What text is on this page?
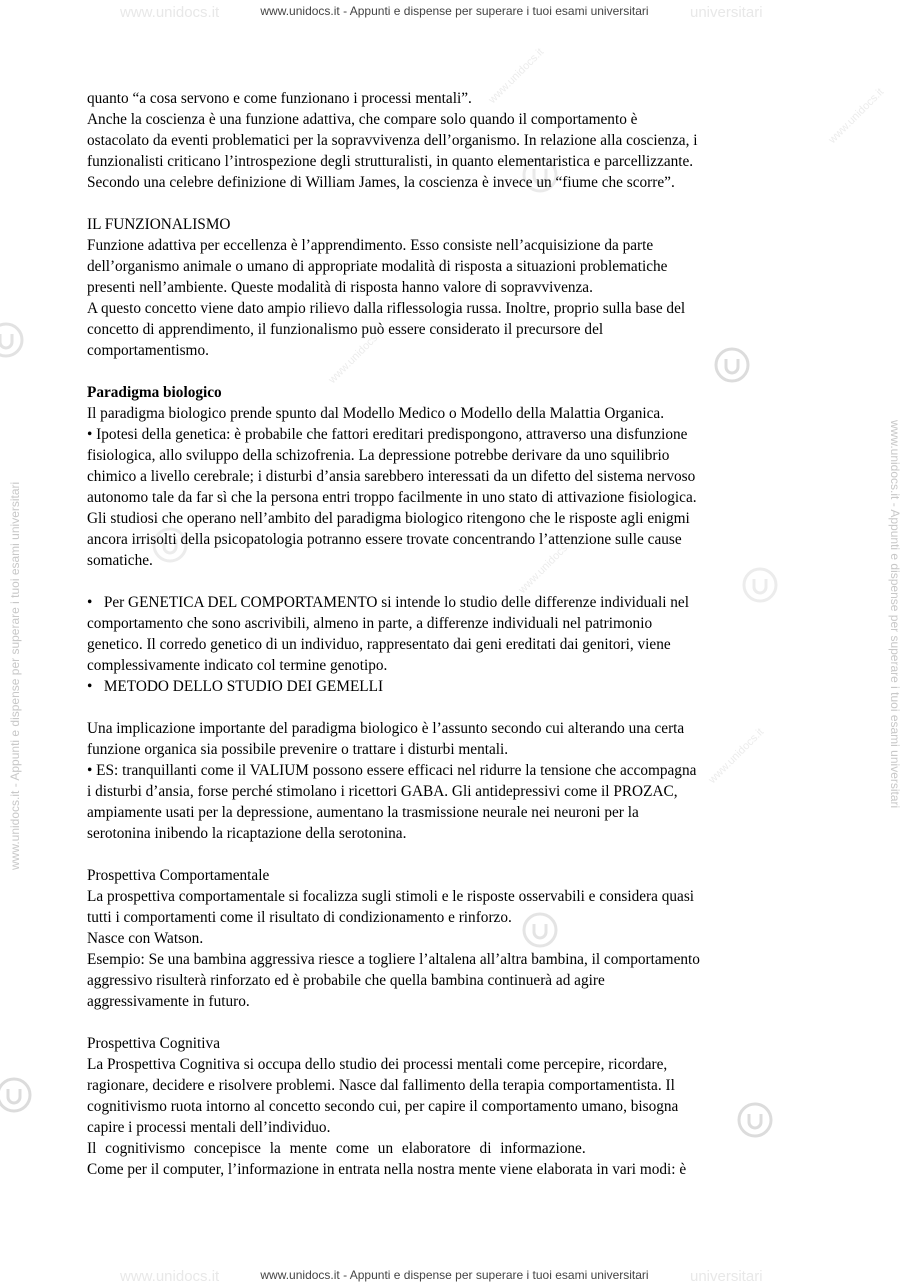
www.unidocs.it	universitari
www.unidocs.it - Appunti e dispense per superare i tuoi esami universitari
www.unidocs.it	universitari
www.unidocs.it - Appunti e dispense per superare i tuoi esami universitari
www.unidocs.it - Appunti e dispense per superare i tuoi esami universitari	www.unidocs.it - Appunti e dispense per superare i tuoi esami universitari
www.unidocs.it
www.unidocs.it
www.unidocs.it
www.unidocs.it
www.unidocs.it
quanto “a cosa servono e come funzionano i processi mentali”.
Anche la coscienza è una funzione adattiva, che compare solo quando il comportamento è
ostacolato da eventi problematici per la sopravvivenza dell’organismo. In relazione alla coscienza, i
funzionalisti criticano l’introspezione degli strutturalisti, in quanto elementaristica e parcellizzante.
Secondo una celebre definizione di William James, la coscienza è invece un “fiume che scorre”.
IL FUNZIONALISMO
Funzione adattiva per eccellenza è l’apprendimento. Esso consiste nell’acquisizione da parte
dell’organismo animale o umano di appropriate modalità di risposta a situazioni problematiche
presenti nell’ambiente. Queste modalità di risposta hanno valore di sopravvivenza.
A questo concetto viene dato ampio rilievo dalla riflessologia russa. Inoltre, proprio sulla base del
concetto di apprendimento, il funzionalismo può essere considerato il precursore del
comportamentismo.
Paradigma biologico
Il paradigma biologico prende spunto dal Modello Medico o Modello della Malattia Organica.
• Ipotesi della genetica: è probabile che fattori ereditari predispongono, attraverso una disfunzione
fisiologica, allo sviluppo della schizofrenia. La depressione potrebbe derivare da uno squilibrio
chimico a livello cerebrale; i disturbi d’ansia sarebbero interessati da un difetto del sistema nervoso
autonomo tale da far sì che la persona entri troppo facilmente in uno stato di attivazione fisiologica.
Gli studiosi che operano nell’ambito del paradigma biologico ritengono che le risposte agli enigmi
ancora irrisolti della psicopatologia potranno essere trovate concentrando l’attenzione sulle cause
somatiche.
•   Per GENETICA DEL COMPORTAMENTO si intende lo studio delle differenze individuali nel
comportamento che sono ascrivibili, almeno in parte, a differenze individuali nel patrimonio
genetico. Il corredo genetico di un individuo, rappresentato dai geni ereditati dai genitori, viene
complessivamente indicato col termine genotipo.
•   METODO DELLO STUDIO DEI GEMELLI
Una implicazione importante del paradigma biologico è l’assunto secondo cui alterando una certa
funzione organica sia possibile prevenire o trattare i disturbi mentali.
• ES: tranquillanti come il VALIUM possono essere efficaci nel ridurre la tensione che accompagna
i disturbi d’ansia, forse perché stimolano i ricettori GABA. Gli antidepressivi come il PROZAC,
ampiamente usati per la depressione, aumentano la trasmissione neurale nei neuroni per la
serotonina inibendo la ricaptazione della serotonina.
Prospettiva Comportamentale
La prospettiva comportamentale si focalizza sugli stimoli e le risposte osservabili e considera quasi
tutti i comportamenti come il risultato di condizionamento e rinforzo.
Nasce con Watson.
Esempio: Se una bambina aggressiva riesce a togliere l’altalena all’altra bambina, il comportamento
aggressivo risulterà rinforzato ed è probabile che quella bambina continuerà ad agire
aggressivamente in futuro.
Prospettiva Cognitiva
La Prospettiva Cognitiva si occupa dello studio dei processi mentali come percepire, ricordare,
ragionare, decidere e risolvere problemi. Nasce dal fallimento della terapia comportamentista. Il
cognitivismo ruota intorno al concetto secondo cui, per capire il comportamento umano, bisogna
capire i processi mentali dell’individuo.
Il cognitivismo concepisce la mente come un elaboratore di informazione.
Come per il computer, l’informazione in entrata nella nostra mente viene elaborata in vari modi: è
